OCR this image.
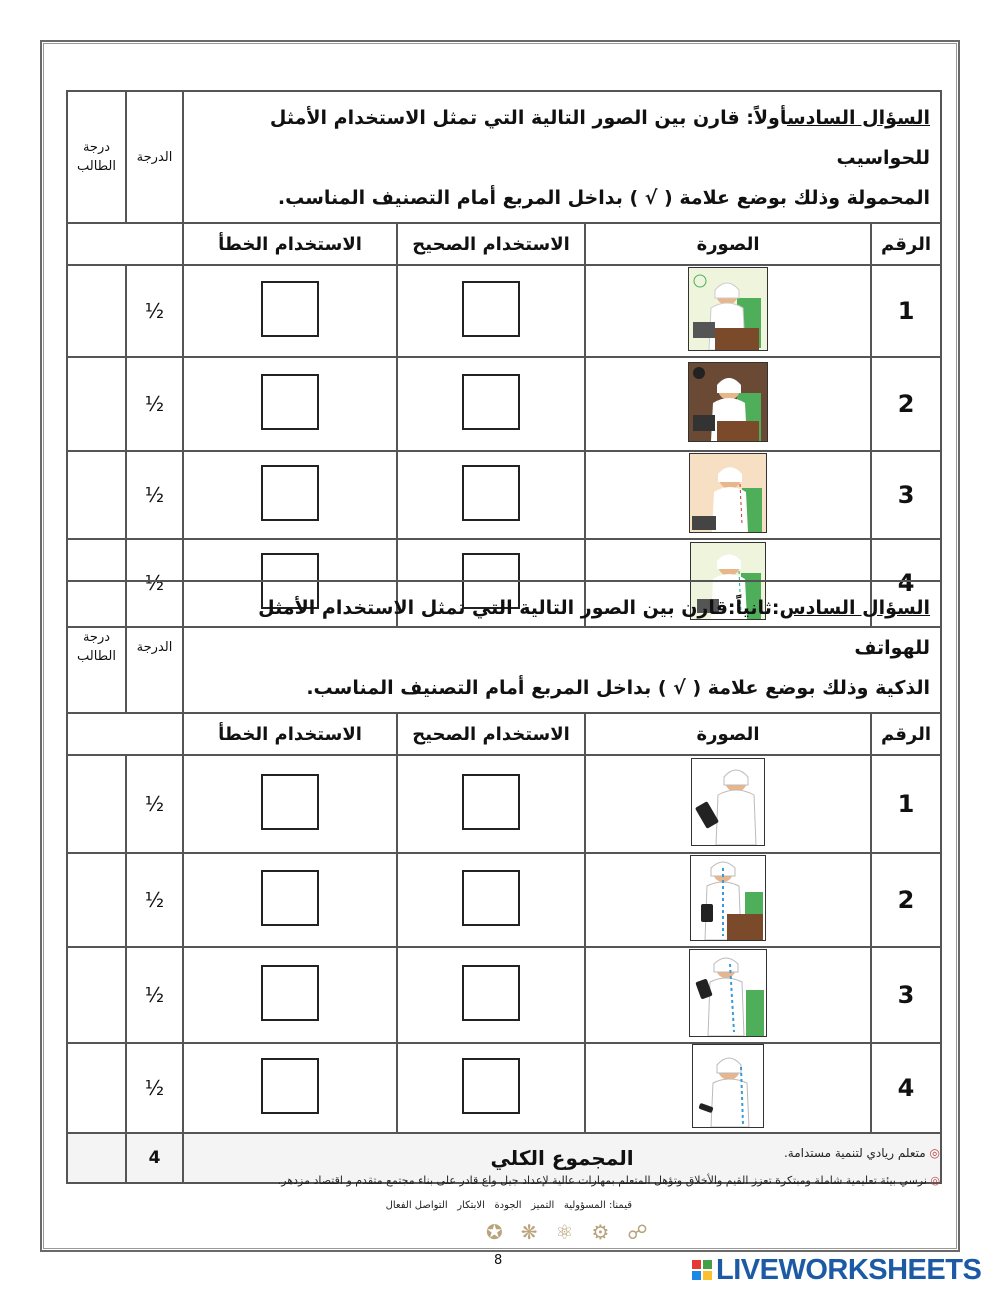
السؤال السادسأولاً: قارن بين الصور التالية التي تمثل الاستخدام الأمثل للحواسيب
المحمولة وذلك بوضع علامة ( √ ) بداخل المربع أمام التصنيف المناسب.				الدرجة	درجة
الطالب
الرقم	الصورة	الاستخدام الصحيح	الاستخدام الخطأ		
1				½	
2				½	
3				½	
4				½	
السؤال السادس:ثانياً:قارن بين الصور التالية التي تمثل الاستخدام الأمثل للهواتف
الذكية وذلك بوضع علامة ( √ ) بداخل المربع أمام التصنيف المناسب.				الدرجة	درجة
الطالب
الرقم	الصورة	الاستخدام الصحيح	الاستخدام الخطأ		
1				½	
2				½	
3				½	
4				½	
المجموع الكلي				4		◎ متعلم ريادي لتنمية مستدامة.
◎ نرسي بيئة تعليمية شاملة ومبتكرة تعزز القيم والأخلاق وتؤهل المتعلم بمهارات عالية لإعداد جيل واع قادر على بناء مجتمع متقدم و اقتصاد مزدهر.
قيمنا: المسؤولية   التميز   الجودة   الابتكار   التواصل الفعال
✪❋⚛⚙☍
8	LIVEWORKSHEETS
